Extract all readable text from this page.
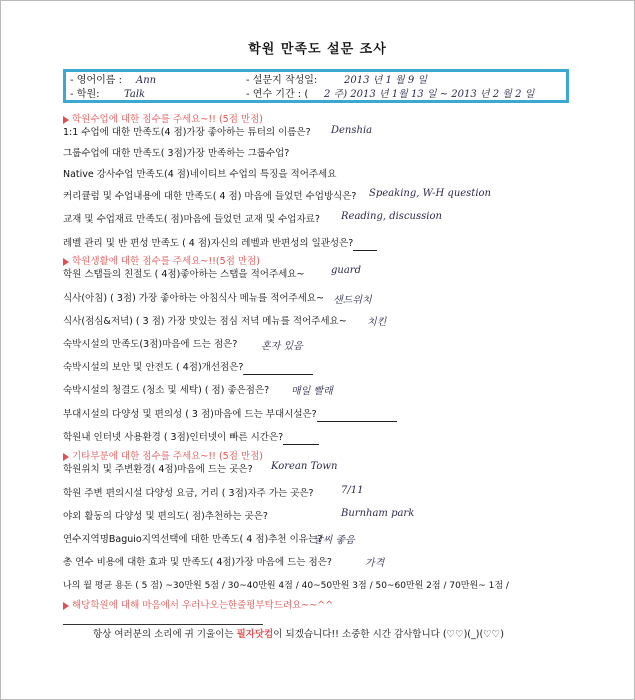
학원 만족도 설문 조사
- 영어이름 : Ann	- 설문지 작성일:	2013 년 1 월 9 일
- 학원: Talk	- 연수 기간 : ( 2 주) 2013 년 1월 13 일 ~ 2013 년 2 월 2 일
학원수업에 대한 점수를 주세요~!! (5점 만점)
1:1 수업에 대한 만족도(4 점)가장 좋아하는 튜터의 이름은? Denshia
그룹수업에 대한 만족도( 3점)가장 만족하는 그룹수업?
Native 강사수업 만족도(4 점)네이티브 수업의 특징을 적어주세요
커리큘럼 및 수업내용에 대한 만족도( 4 점) 마음에 들었던 수업방식은? Speaking, W-H question
교재 및 수업재료 만족도( 점)마음에 들었던 교재 및 수업자료? Reading, discussion
레벨 관리 및 반 편성 만족도 ( 4 점)자신의 레벨과 반편성의 일관성은?
학원생활에 대한 점수를 주세요~!!(5점 만점)
학원 스탭들의 친절도 ( 4점)좋아하는 스탭을 적어주세요~	guard
식사(아침) ( 3점) 가장 좋아하는 아침식사 메뉴를 적어주세요~ 샌드위치
식사(점심&저녁) ( 3 점) 가장 맛있는 점심 저녁 메뉴를 적어주세요~ 치킨
숙박시설의 만족도(3점)마음에 드는 점은? 혼자 있음
숙박시설의 보안 및 안전도 ( 4점)개선점은?
숙박시설의 청결도 (청소 및 세탁) ( 점) 좋은점은? 매일 빨래
부대시설의 다양성 및 편의성 ( 3 점)마음에 드는 부대시설은?
학원내 인터넷 사용환경 ( 3점)인터넷이 빠른 시간은?
기타부분에 대한 점수를 주세요~!! (5점 만점)
학원위치 및 주변환경( 4점)마음에 드는 곳은? Korean Town
학원 주변 편의시설 다양성 요금, 거리 ( 3점)자주 가는 곳은?	7/11
야외 활동의 다양성 및 편의도( 점)추천하는 곳은?	Burnham park
연수지역명Baguio지역선택에 대한 만족도( 4 점)추천 이유는?
날씨 좋음
총 연수 비용에 대한 효과 및 만족도( 4점)가장 마음에 드는 점은?	가격
나의 월 평균 용돈 ( 5 점) ~30만원 5점 / 30~40만원 4점 / 40~50만원 3점 / 50~60만원 2점 / 70만원~ 1점 /
해당학원에 대해 마음에서 우러나오는한줄평부탁드려요~~^^
항상 여러분의 소리에 귀 기울이는 필자닷컴이 되겠습니다!! 소중한 시간 감사합니다 (♡♡)(_)(♡♡)
